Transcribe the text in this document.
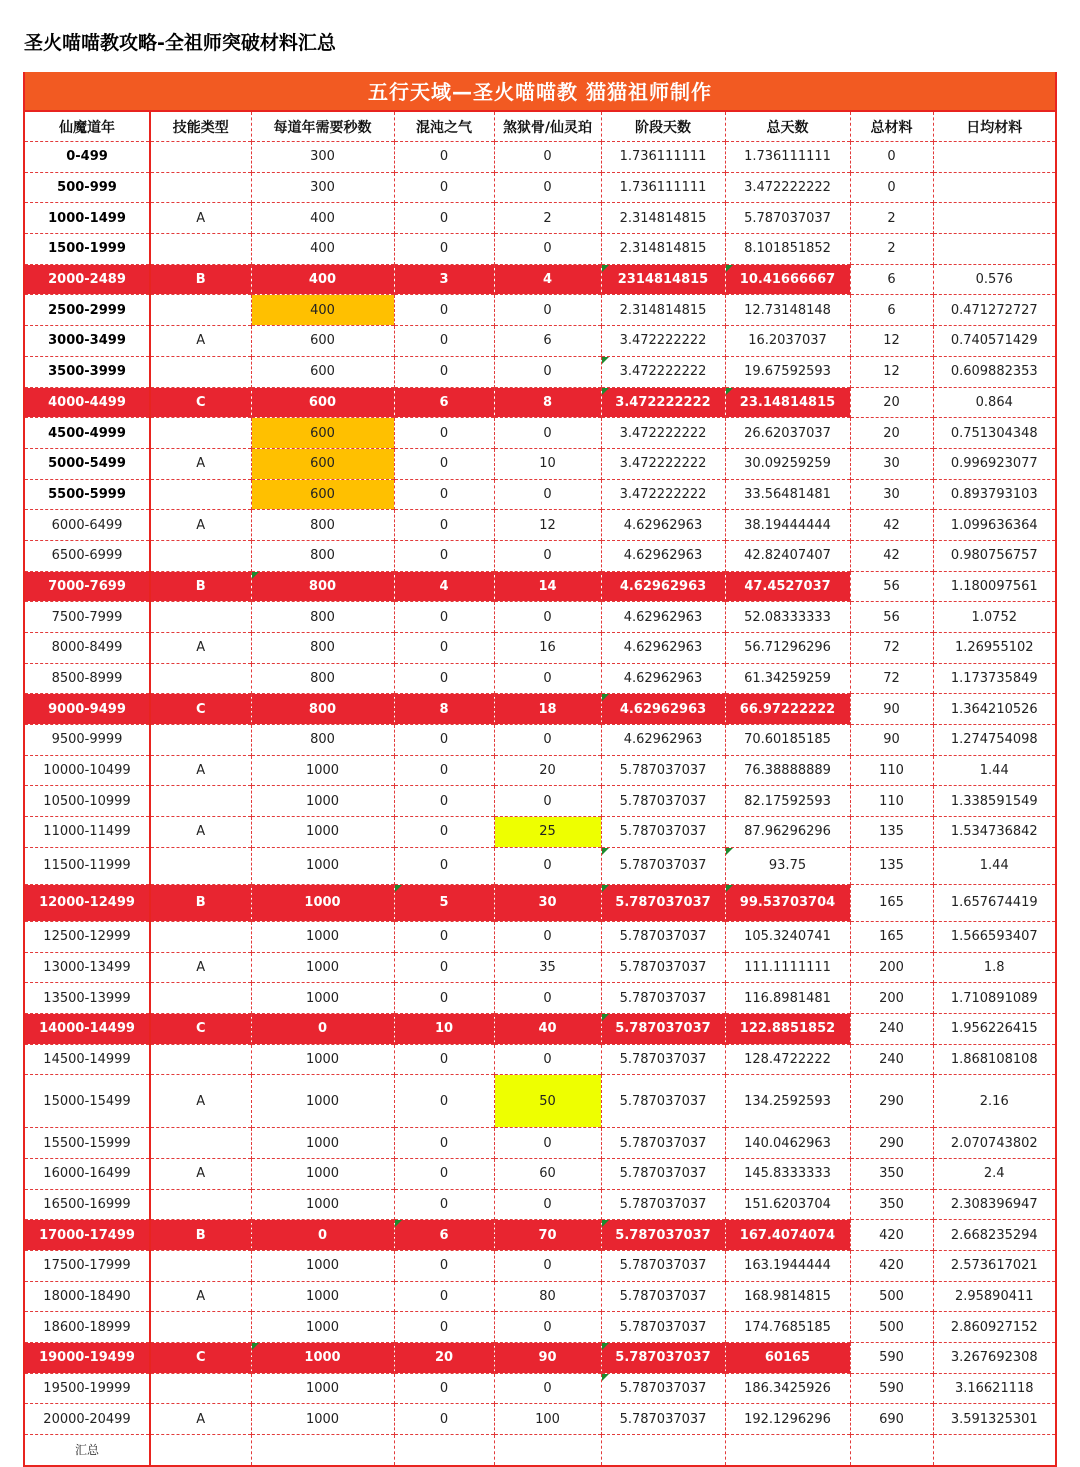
圣火喵喵教攻略-全祖师突破材料汇总
五行天域—圣火喵喵教 猫猫祖师制作
仙魔道年	技能类型	每道年需要秒数	混沌之气	煞狱骨/仙灵珀	阶段天数	总天数	总材料	日均材料
0-499		300	0	0	1.736111111	1.736111111	0	
500-999		300	0	0	1.736111111	3.472222222	0	
1000-1499	A	400	0	2	2.314814815	5.787037037	2	
1500-1999		400	0	0	2.314814815	8.101851852	2	
2000-2489	B	400	3	4	2314814815	10.41666667	6	0.576
2500-2999		400	0	0	2.314814815	12.73148148	6	0.471272727
3000-3499	A	600	0	6	3.472222222	16.2037037	12	0.740571429
3500-3999		600	0	0	3.472222222	19.67592593	12	0.609882353
4000-4499	C	600	6	8	3.472222222	23.14814815	20	0.864
4500-4999		600	0	0	3.472222222	26.62037037	20	0.751304348
5000-5499	A	600	0	10	3.472222222	30.09259259	30	0.996923077
5500-5999		600	0	0	3.472222222	33.56481481	30	0.893793103
6000-6499	A	800	0	12	4.62962963	38.19444444	42	1.099636364
6500-6999		800	0	0	4.62962963	42.82407407	42	0.980756757
7000-7699	B	800	4	14	4.62962963	47.4527037	56	1.180097561
7500-7999		800	0	0	4.62962963	52.08333333	56	1.0752
8000-8499	A	800	0	16	4.62962963	56.71296296	72	1.26955102
8500-8999		800	0	0	4.62962963	61.34259259	72	1.173735849
9000-9499	C	800	8	18	4.62962963	66.97222222	90	1.364210526
9500-9999		800	0	0	4.62962963	70.60185185	90	1.274754098
10000-10499	A	1000	0	20	5.787037037	76.38888889	110	1.44
10500-10999		1000	0	0	5.787037037	82.17592593	110	1.338591549
11000-11499	A	1000	0	25	5.787037037	87.96296296	135	1.534736842
11500-11999		1000	0	0	5.787037037	93.75	135	1.44
12000-12499	B	1000	5	30	5.787037037	99.53703704	165	1.657674419
12500-12999		1000	0	0	5.787037037	105.3240741	165	1.566593407
13000-13499	A	1000	0	35	5.787037037	111.1111111	200	1.8
13500-13999		1000	0	0	5.787037037	116.8981481	200	1.710891089
14000-14499	C	0	10	40	5.787037037	122.8851852	240	1.956226415
14500-14999		1000	0	0	5.787037037	128.4722222	240	1.868108108
15000-15499	A	1000	0	50	5.787037037	134.2592593	290	2.16
15500-15999		1000	0	0	5.787037037	140.0462963	290	2.070743802
16000-16499	A	1000	0	60	5.787037037	145.8333333	350	2.4
16500-16999		1000	0	0	5.787037037	151.6203704	350	2.308396947
17000-17499	B	0	6	70	5.787037037	167.4074074	420	2.668235294
17500-17999		1000	0	0	5.787037037	163.1944444	420	2.573617021
18000-18490	A	1000	0	80	5.787037037	168.9814815	500	2.95890411
18600-18999		1000	0	0	5.787037037	174.7685185	500	2.860927152
19000-19499	C	1000	20	90	5.787037037	60165	590	3.267692308
19500-19999		1000	0	0	5.787037037	186.3425926	590	3.16621118
20000-20499	A	1000	0	100	5.787037037	192.1296296	690	3.591325301
汇总								
